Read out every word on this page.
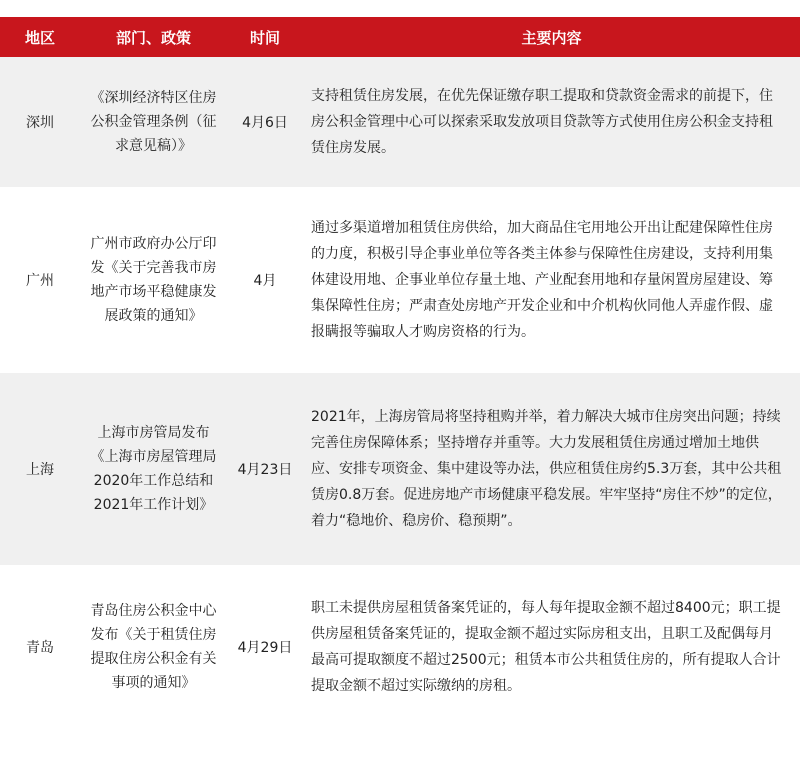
地区	部门、政策	时间	主要内容
深圳	《深圳经济特区住房公积金管理条例（征求意见稿）》	4月6日	支持租赁住房发展，在优先保证缴存职工提取和贷款资金需求的前提下，住房公积金管理中心可以探索采取发放项目贷款等方式使用住房公积金支持租赁住房发展。
广州	广州市政府办公厅印发《关于完善我市房地产市场平稳健康发展政策的通知》	4月	通过多渠道增加租赁住房供给，加大商品住宅用地公开出让配建保障性住房的力度，积极引导企事业单位等各类主体参与保障性住房建设，支持利用集体建设用地、企事业单位存量土地、产业配套用地和存量闲置房屋建设、筹集保障性住房；严肃查处房地产开发企业和中介机构伙同他人弄虚作假、虚报瞒报等骗取人才购房资格的行为。
上海	上海市房管局发布《上海市房屋管理局2020年工作总结和2021年工作计划》	4月23日	2021年，上海房管局将坚持租购并举，着力解决大城市住房突出问题；持续完善住房保障体系；坚持增存并重等。大力发展租赁住房通过增加土地供应、安排专项资金、集中建设等办法，供应租赁住房约5.3万套，其中公共租赁房0.8万套。促进房地产市场健康平稳发展。牢牢坚持“房住不炒”的定位，着力“稳地价、稳房价、稳预期”。
青岛	青岛住房公积金中心发布《关于租赁住房提取住房公积金有关事项的通知》	4月29日	职工未提供房屋租赁备案凭证的，每人每年提取金额不超过8400元；职工提供房屋租赁备案凭证的，提取金额不超过实际房租支出，且职工及配偶每月最高可提取额度不超过2500元；租赁本市公共租赁住房的，所有提取人合计提取金额不超过实际缴纳的房租。
